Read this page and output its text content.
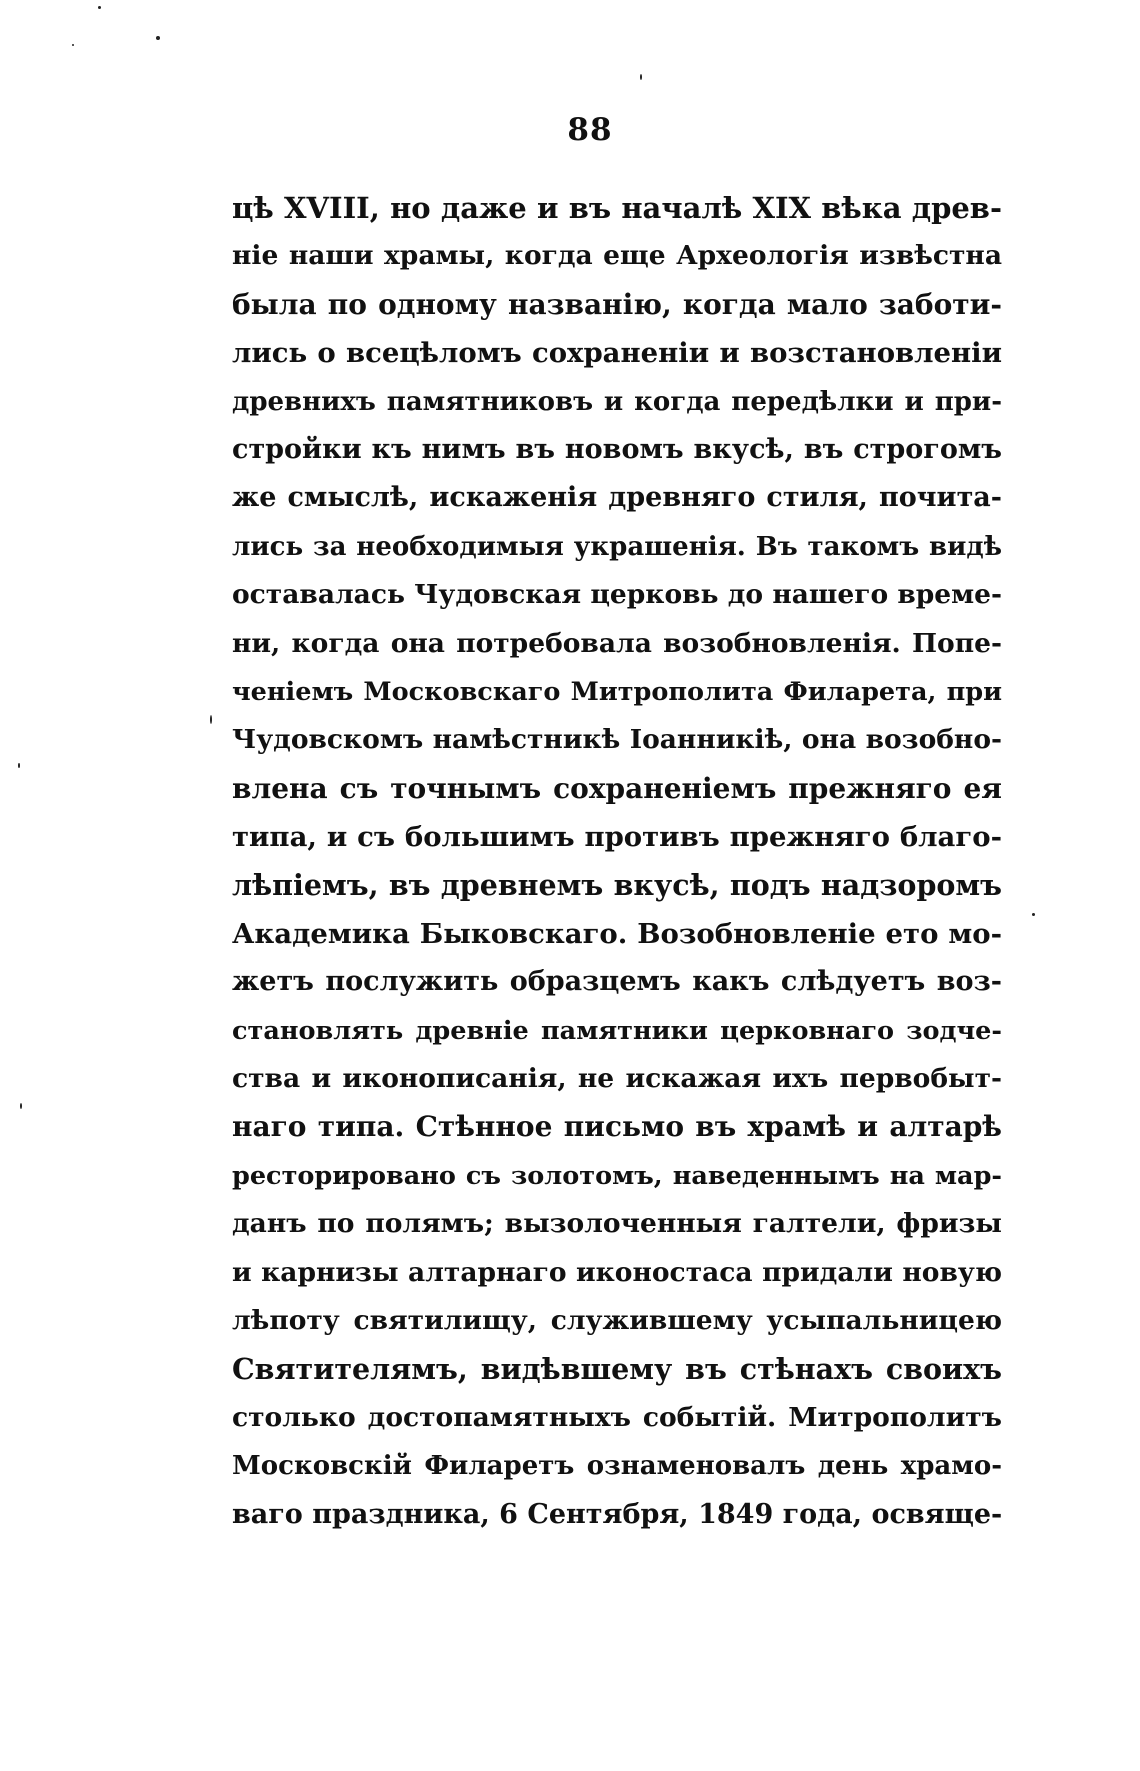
88
цѣ XVIII, но даже и въ началѣ XIX вѣка древ-
ніе наши храмы, когда еще Археологія извѣстна
была по одному названію, когда мало заботи-
лись о всецѣломъ сохраненіи и возстановленіи
древнихъ памятниковъ и когда передѣлки и при-
стройки къ нимъ въ новомъ вкусѣ, въ строгомъ
же смыслѣ, искаженія древняго стиля, почита-
лись за необходимыя украшенія. Въ такомъ видѣ
оставалась Чудовская церковь до нашего време-
ни, когда она потребовала возобновленія. Попе-
ченіемъ Московскаго Митрополита Филарета, при
Чудовскомъ намѣстникѣ Іоанникіѣ, она возобно-
влена съ точнымъ сохраненіемъ прежняго ея
типа, и съ большимъ противъ прежняго благо-
лѣпіемъ, въ древнемъ вкусѣ, подъ надзоромъ
Академика Быковскаго. Возобновленіе ето мо-
жетъ послужить образцемъ какъ слѣдуетъ воз-
становлять древніе памятники церковнаго зодче-
ства и иконописанія, не искажая ихъ первобыт-
наго типа. Стѣнное письмо въ храмѣ и алтарѣ
ресторировано съ золотомъ, наведеннымъ на мар-
данъ по полямъ; вызолоченныя галтели, фризы
и карнизы алтарнаго иконостаса придали новую
лѣпоту святилищу, служившему усыпальницею
Святителямъ, видѣвшему въ стѣнахъ своихъ
столько достопамятныхъ событій. Митрополитъ
Московскій Филаретъ ознаменовалъ день храмо-
ваго праздника, 6 Сентября, 1849 года, освяще-
